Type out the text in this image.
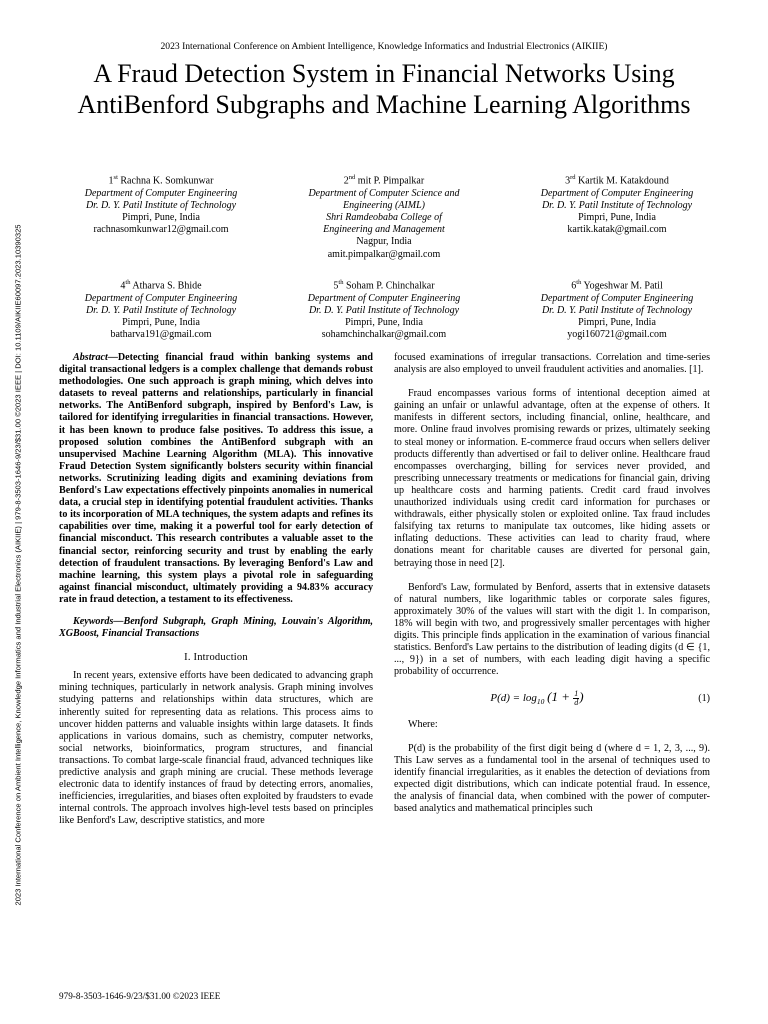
2023 International Conference on Ambient Intelligence, Knowledge Informatics and Industrial Electronics (AIKIIE)
A Fraud Detection System in Financial Networks Using AntiBenford Subgraphs and Machine Learning Algorithms
2023 International Conference on Ambient Intelligence, Knowledge Informatics and Industrial Electronics (AIKIIE) | 979-8-3503-1646-9/23/$31.00 ©2023 IEEE | DOI: 10.1109/AIKIIE60097.2023.10390325
1st Rachna K. Somkunwar
Department of Computer Engineering
Dr. D. Y. Patil Institute of Technology
Pimpri, Pune, India
rachnasomkunwar12@gmail.com
2nd mit P. Pimpalkar
Department of Computer Science and
Engineering (AIML)
Shri Ramdeobaba College of
Engineering and Management
Nagpur, India
amit.pimpalkar@gmail.com
3rd Kartik M. Katakdound
Department of Computer Engineering
Dr. D. Y. Patil Institute of Technology
Pimpri, Pune, India
kartik.katak@gmail.com
4th Atharva S. Bhide
Department of Computer Engineering
Dr. D. Y. Patil Institute of Technology
Pimpri, Pune, India
batharva191@gmail.com
5th Soham P. Chinchalkar
Department of Computer Engineering
Dr. D. Y. Patil Institute of Technology
Pimpri, Pune, India
sohamchinchalkar@gmail.com
6th Yogeshwar M. Patil
Department of Computer Engineering
Dr. D. Y. Patil Institute of Technology
Pimpri, Pune, India
yogi160721@gmail.com

Abstract—Detecting financial fraud within banking systems and digital transactional ledgers is a complex challenge that demands robust methodologies. One such approach is graph mining, which delves into datasets to reveal patterns and relationships, particularly in financial networks. The AntiBenford subgraph, inspired by Benford's Law, is tailored for identifying irregularities in financial transactions. However, it has been known to produce false positives. To address this issue, a proposed solution combines the AntiBenford subgraph with an unsupervised Machine Learning Algorithm (MLA). This innovative Fraud Detection System significantly bolsters security within financial networks. Scrutinizing leading digits and examining deviations from Benford's Law expectations effectively pinpoints anomalies in numerical data, a crucial step in identifying potential fraudulent activities. Thanks to its incorporation of MLA techniques, the system adapts and refines its capabilities over time, making it a powerful tool for early detection of financial misconduct. This research contributes a valuable asset to the financial sector, reinforcing security and trust by enabling the early detection of fraudulent transactions. By leveraging Benford's Law and machine learning, this system plays a pivotal role in safeguarding against financial misconduct, ultimately providing a 94.83% accuracy rate in fraud detection, a testament to its effectiveness.

Keywords—Benford Subgraph, Graph Mining, Louvain's Algorithm, XGBoost, Financial Transactions

I. Introduction

In recent years, extensive efforts have been dedicated to advancing graph mining techniques, particularly in network analysis. Graph mining involves studying patterns and relationships within data structures, which are inherently suited for representing data as relations. This process aims to uncover hidden patterns and valuable insights within large datasets. It finds applications in various domains, such as chemistry, computer networks, social networks, bioinformatics, program structures, and financial transactions. To combat large-scale financial fraud, advanced techniques like predictive analysis and graph mining are crucial. These methods leverage electronic data to identify instances of fraud by detecting errors, anomalies, inefficiencies, irregularities, and biases often exploited by fraudsters to evade internal controls. The approach involves high-level tests based on principles like Benford's Law, descriptive statistics, and more

focused examinations of irregular transactions. Correlation and time-series analysis are also employed to unveil fraudulent activities and anomalies. [1].

Fraud encompasses various forms of intentional deception aimed at gaining an unfair or unlawful advantage, often at the expense of others. It manifests in different sectors, including financial, online, healthcare, and more. Online fraud involves promising rewards or prizes, ultimately seeking to steal money or information. E-commerce fraud occurs when sellers deliver products differently than advertised or fail to deliver online. Healthcare fraud encompasses overcharging, billing for services never provided, and prescribing unnecessary treatments or medications for financial gain, driving up healthcare costs and harming patients. Credit card fraud involves unauthorized individuals using credit card information for purchases or withdrawals, either physically stolen or exploited online. Tax fraud includes falsifying tax returns to manipulate tax outcomes, like hiding assets or inflating deductions. These activities can lead to charity fraud, where donations meant for charitable causes are diverted for personal gain, betraying those in need [2].

Benford's Law, formulated by Benford, asserts that in extensive datasets of natural numbers, like logarithmic tables or corporate sales figures, approximately 30% of the values will start with the digit 1. In comparison, 18% will begin with two, and progressively smaller percentages with higher digits. This principle finds application in the examination of various financial statistics. Benford's Law pertains to the distribution of leading digits (d ∈ {1, ..., 9}) in a set of numbers, with each leading digit having a specific probability of occurrence.

$P(d) = \log_{10} (1 + \frac{1}{d}$ )	(1)

Where:

P(d) is the probability of the first digit being d (where d = 1, 2, 3, ..., 9). This Law serves as a fundamental tool in the arsenal of techniques used to identify financial irregularities, as it enables the detection of deviations from expected digit distributions, which can indicate potential fraud. In essence, the analysis of financial data, when combined with the power of computer-based analytics and mathematical principles such

979-8-3503-1646-9/23/$31.00 ©2023 IEEE
